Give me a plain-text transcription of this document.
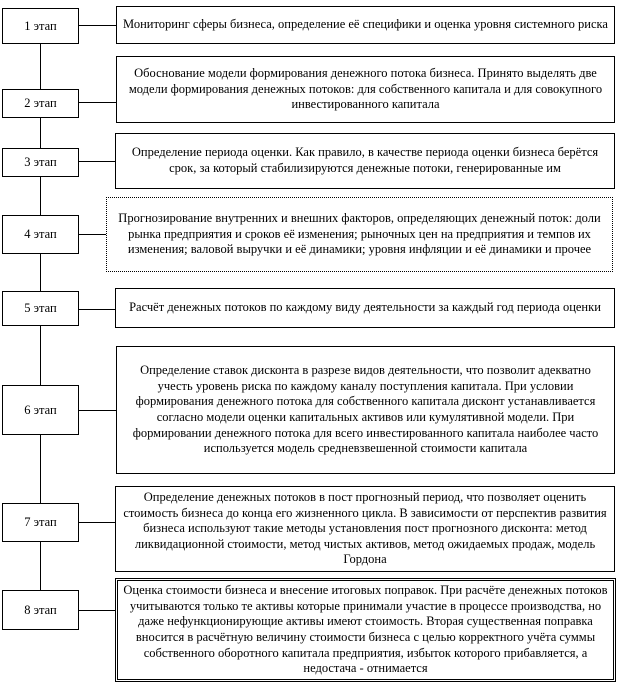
1 этап
2 этап
3 этап
4 этап
5 этап
6 этап
7 этап
8 этап
Мониторинг сферы бизнеса, определение её специфики и оценка уровня системного риска
Обоснование модели формирования денежного потока бизнеса. Принято выделять две модели формирования денежных потоков: для собственного капитала и для совокупного инвестированного капитала
Определение периода оценки. Как правило, в качестве периода оценки бизнеса берётся срок, за который стабилизируются денежные потоки, генерированные им
Прогнозирование внутренних и внешних факторов, определяющих денежный поток: доли рынка предприятия и сроков её изменения; рыночных цен на предприятия и темпов их изменения; валовой выручки и её динамики; уровня инфляции и её динамики и прочее
Расчёт денежных потоков по каждому виду деятельности за каждый год периода оценки
Определение ставок дисконта в разрезе видов деятельности, что позволит адекватно учесть уровень риска по каждому каналу поступления капитала. При условии формирования денежного потока для собственного капитала дисконт устанавливается согласно модели оценки капитальных активов или кумулятивной модели. При формировании денежного потока для всего инвестированного капитала наиболее часто используется модель средневзвешенной стоимости капитала
Определение денежных потоков в пост прогнозный период, что позволяет оценить стоимость бизнеса до конца его жизненного цикла. В зависимости от перспектив развития бизнеса используют такие методы установления пост прогнозного дисконта: метод ликвидационной стоимости, метод чистых активов, метод ожидаемых продаж, модель Гордона
Оценка стоимости бизнеса и внесение итоговых поправок. При расчёте денежных потоков учитываются только те активы которые принимали участие в процессе производства, но даже нефункционирующие активы имеют стоимость. Вторая существенная поправка вносится в расчётную величину стоимости бизнеса с целью корректного учёта суммы собственного оборотного капитала предприятия, избыток которого прибавляется, а недостача - отнимается
